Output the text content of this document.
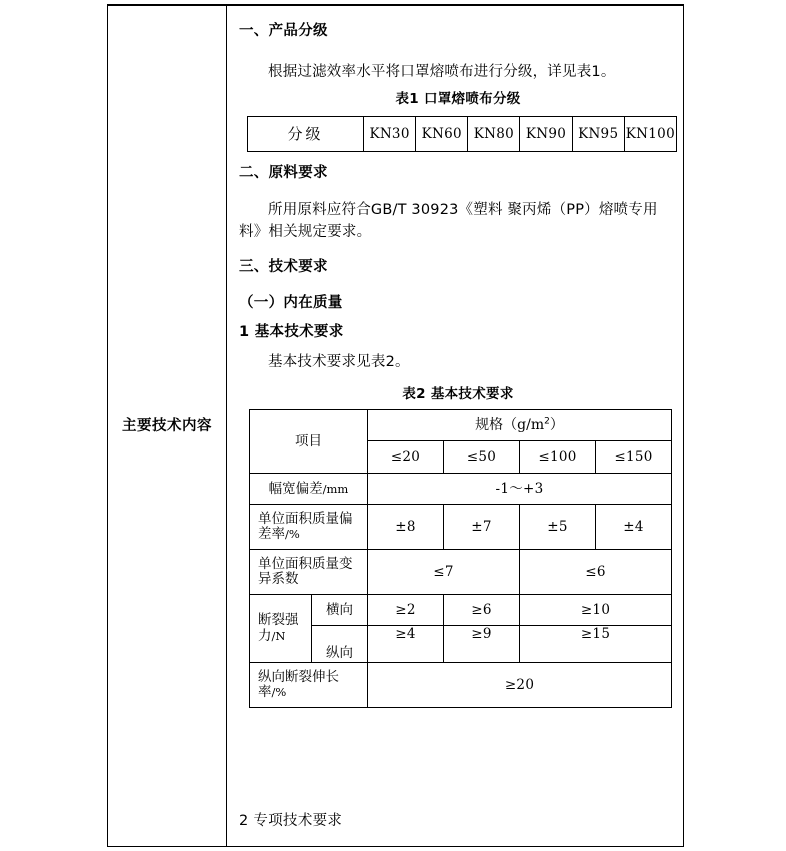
主要技术内容
一、产品分级
根据过滤效率水平将口罩熔喷布进行分级，详见表1。
表1 口罩熔喷布分级
分级	KN30	KN60	KN80	KN90	KN95	KN100
二、原料要求
所用原料应符合GB/T 30923《塑料 聚丙烯（PP）熔喷专用料》相关规定要求。
三、技术要求
（一）内在质量
1 基本技术要求
基本技术要求见表2。
表2 基本技术要求
项目		规格$(g/m^2)$			
		≤20	≤50	≤100	≤150
幅宽偏差/mm		-1～+3			
单位面积质量偏差率/%		±8	±7	±5	±4
单位面积质量变异系数		≤7		≤6	
断裂强力/N	横向	≥2	≥6	≥10	
	纵向	≥4	≥9	≥15	
纵向断裂伸长率/%		≥20			
2 专项技术要求
